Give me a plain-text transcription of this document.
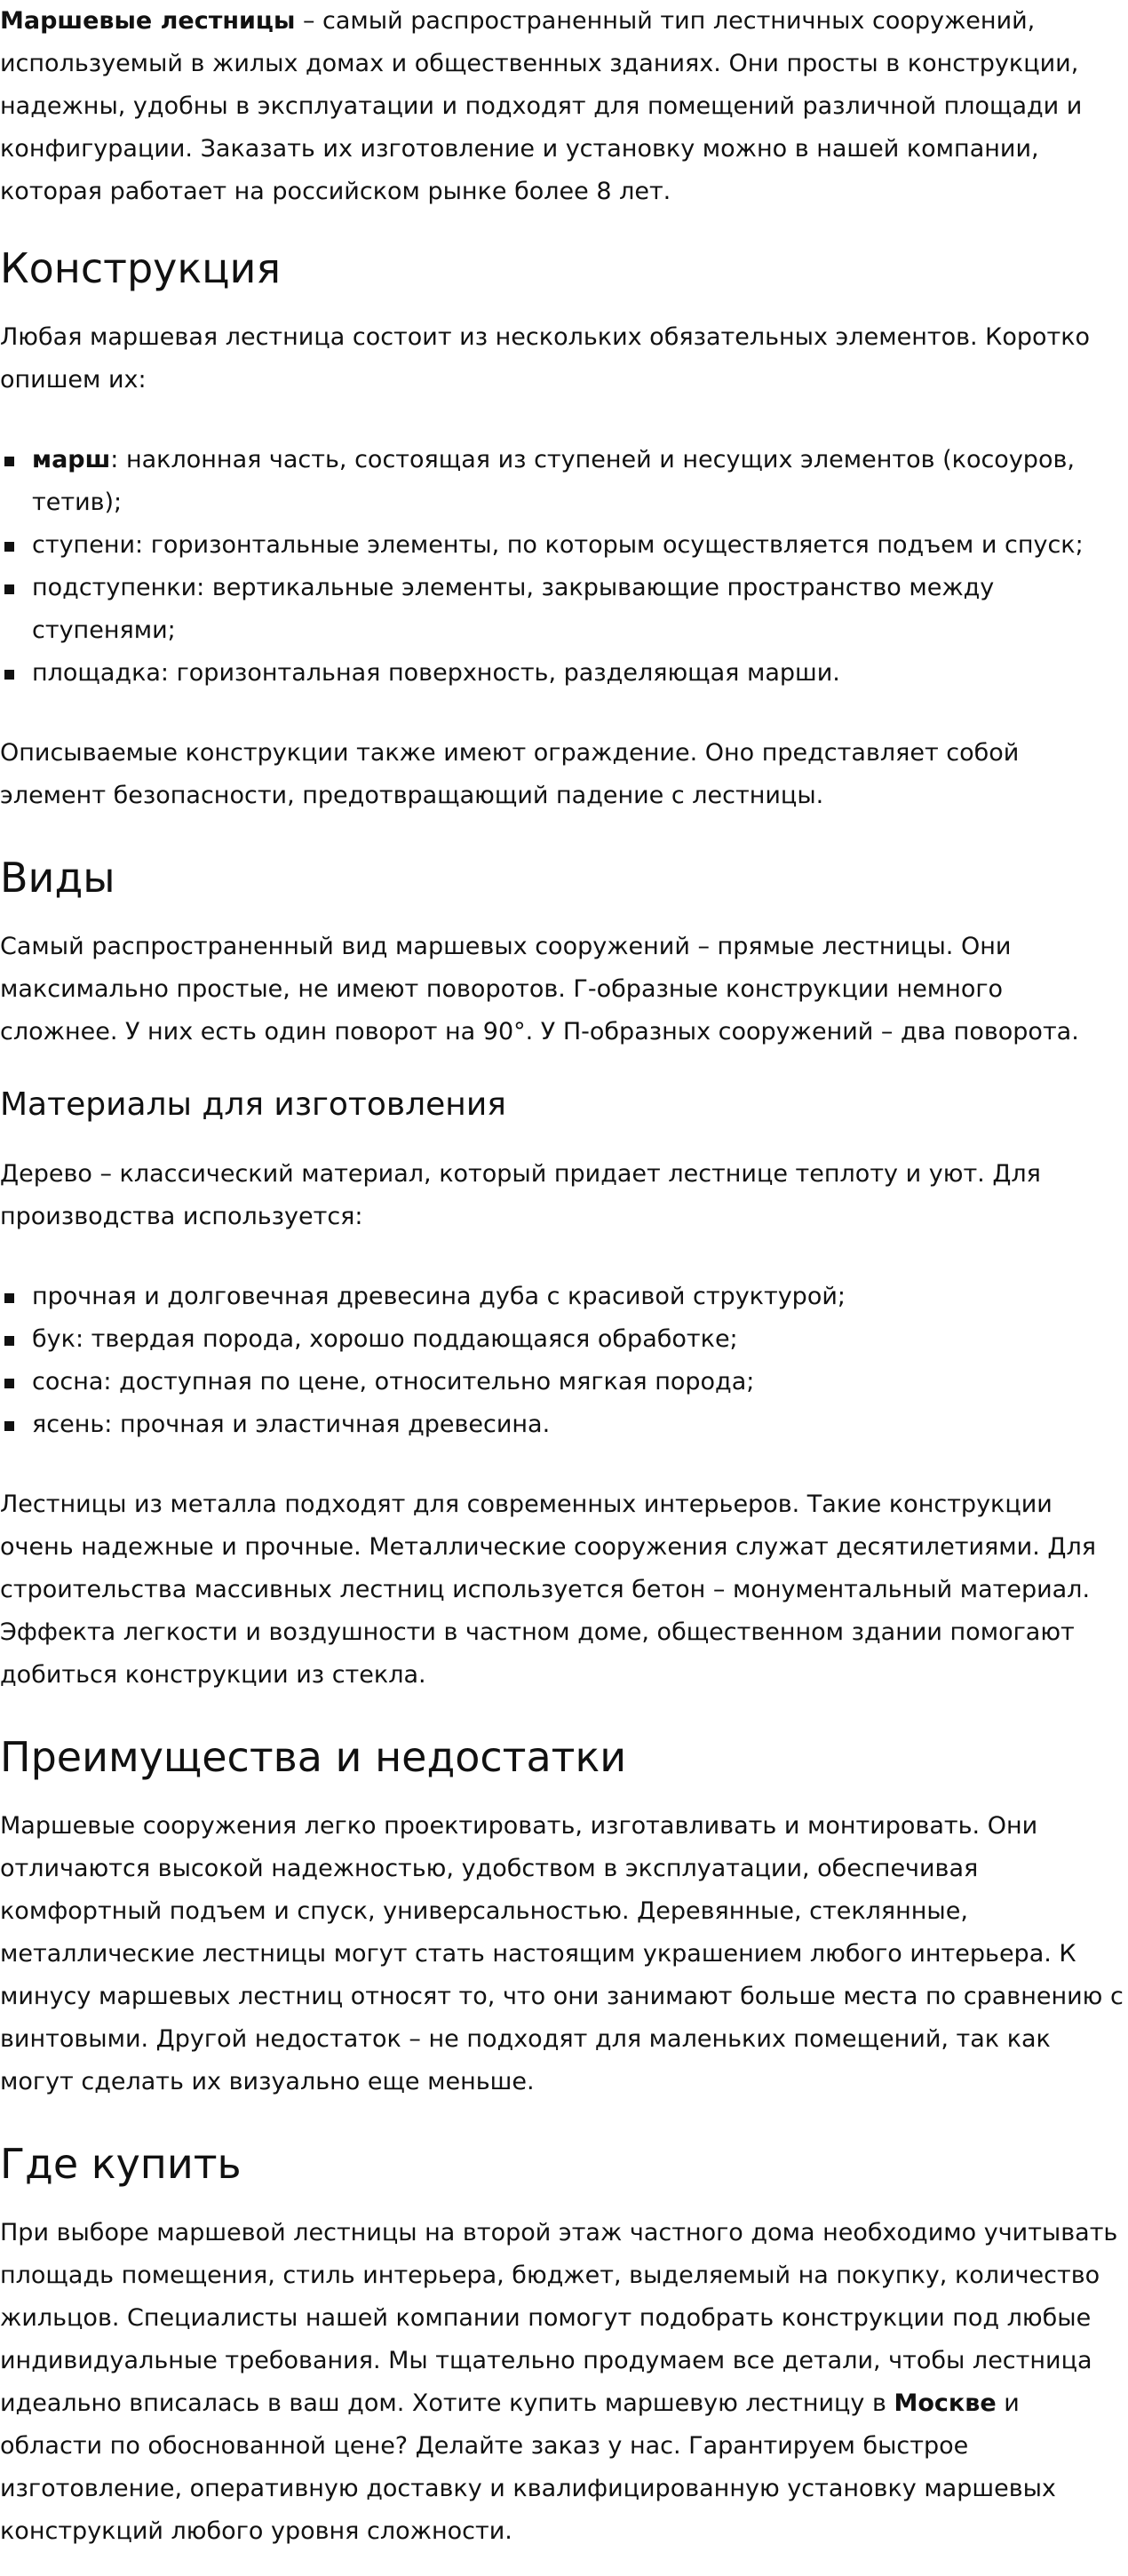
Маршевые лестницы – самый распространенный тип лестничных сооружений, используемый в жилых домах и общественных зданиях. Они просты в конструкции, надежны, удобны в эксплуатации и подходят для помещений различной площади и конфигурации. Заказать их изготовление и установку можно в нашей компании, которая работает на российском рынке более 8 лет.

Конструкция

Любая маршевая лестница состоит из нескольких обязательных элементов. Коротко опишем их:

марш: наклонная часть, состоящая из ступеней и несущих элементов (косоуров, тетив);
ступени: горизонтальные элементы, по которым осуществляется подъем и спуск;
подступенки: вертикальные элементы, закрывающие пространство между ступенями;
площадка: горизонтальная поверхность, разделяющая марши.

Описываемые конструкции также имеют ограждение. Оно представляет собой элемент безопасности, предотвращающий падение с лестницы.

Виды

Самый распространенный вид маршевых сооружений – прямые лестницы. Они максимально простые, не имеют поворотов. Г-образные конструкции немного сложнее. У них есть один поворот на 90°. У П-образных сооружений – два поворота.

Материалы для изготовления

Дерево – классический материал, который придает лестнице теплоту и уют. Для производства используется:

прочная и долговечная древесина дуба с красивой структурой;
бук: твердая порода, хорошо поддающаяся обработке;
сосна: доступная по цене, относительно мягкая порода;
ясень: прочная и эластичная древесина.

Лестницы из металла подходят для современных интерьеров. Такие конструкции очень надежные и прочные. Металлические сооружения служат десятилетиями. Для строительства массивных лестниц используется бетон – монументальный материал. Эффекта легкости и воздушности в частном доме, общественном здании помогают добиться конструкции из стекла.

Преимущества и недостатки

Маршевые сооружения легко проектировать, изготавливать и монтировать. Они отличаются высокой надежностью, удобством в эксплуатации, обеспечивая комфортный подъем и спуск, универсальностью. Деревянные, стеклянные, металлические лестницы могут стать настоящим украшением любого интерьера. К минусу маршевых лестниц относят то, что они занимают больше места по сравнению с винтовыми. Другой недостаток – не подходят для маленьких помещений, так как могут сделать их визуально еще меньше.

Где купить

При выборе маршевой лестницы на второй этаж частного дома необходимо учитывать площадь помещения, стиль интерьера, бюджет, выделяемый на покупку, количество жильцов. Специалисты нашей компании помогут подобрать конструкции под любые индивидуальные требования. Мы тщательно продумаем все детали, чтобы лестница идеально вписалась в ваш дом. Хотите купить маршевую лестницу в Москве и области по обоснованной цене? Делайте заказ у нас. Гарантируем быстрое изготовление, оперативную доставку и квалифицированную установку маршевых конструкций любого уровня сложности.
